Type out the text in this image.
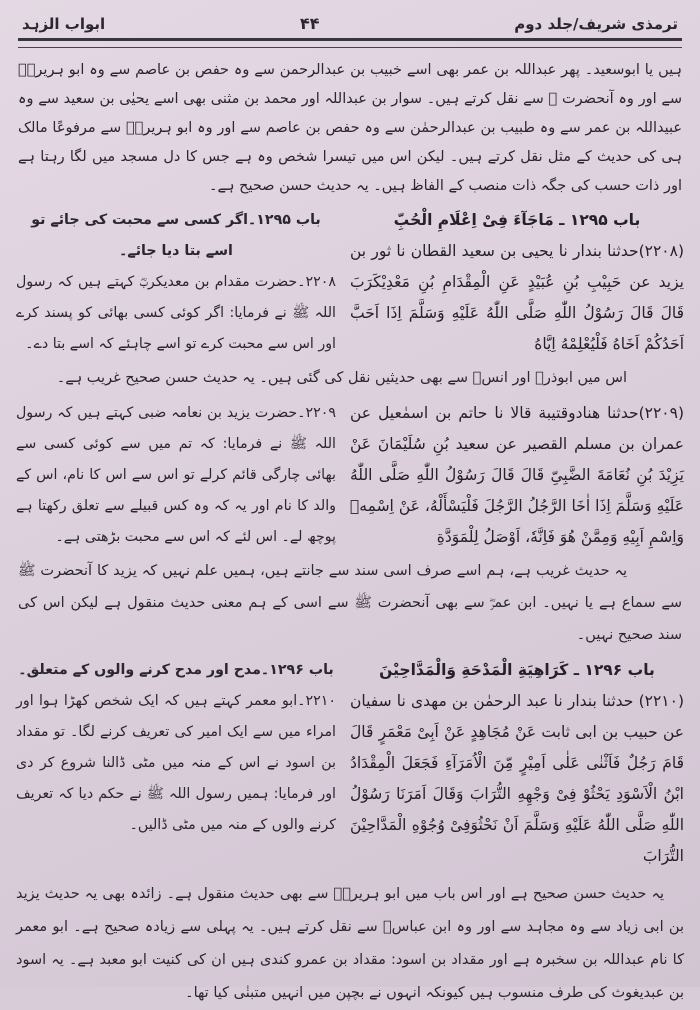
ترمذی شریف/جلد دوم
۴۴
ابواب الزہد

ہیں یا ابوسعید۔ پھر عبداللہ بن عمر بھی اسے خبیب بن عبدالرحمن سے وہ حفص بن عاصم سے وہ ابو ہریرہؓ سے اور وہ آنحضرت ﷺ سے نقل کرتے ہیں۔ سوار بن عبداللہ اور محمد بن مثنی بھی اسے یحیٰی بن سعید سے وہ عبیداللہ بن عمر سے وہ طبیب بن عبدالرحمٰن سے وہ حفص بن عاصم سے اور وہ ابو ہریرہؓ سے مرفوعًا مالک ہی کی حدیث کے مثل نقل کرتے ہیں۔ لیکن اس میں تیسرا شخص وہ ہے جس کا دل مسجد میں لگا رہتا ہے اور ذات حسب کی جگہ ذات منصب کے الفاظ ہیں۔ یہ حدیث حسن صحیح ہے۔

باب ۱۲۹۵ ـ مَاجَآءَ فِیْ اِعْلَامِ الْحُبِّ
(۲۲۰۸)حدثنا بندار نا یحیی بن سعید القطان نا ثور بن یزید عن حَبِیْبِ بُنِ عُبَیْدٍ عَنِ الْمِقْدَامِ بُنِ مَعْدِیْکَرَبَ قَالَ قَالَ رَسُوْلُ اللّٰهِ صَلَّی اللّٰهُ عَلَیْهِ وَسَلَّمَ اِذَا اَحَبَّ اَحَدُکُمْ اَخَاهُ فَلْیُعْلِمْهُ اِیَّاهُ
باب ۱۲۹۵۔اگر کسی سے محبت کی جائے تو اسے بتا دیا جائے۔
۲۲۰۸۔حضرت مقدام بن معدیکربؓ کہتے ہیں کہ رسول اللہ ﷺ نے فرمایا: اگر کوئی کسی بھائی کو پسند کرے اور اس سے محبت کرے تو اسے چاہئے کہ اسے بتا دے۔

اس میں ابوذرؓ اور انسؓ سے بھی حدیثیں نقل کی گئی ہیں۔ یہ حدیث حسن صحیح غریب ہے۔

(۲۲۰۹)حدثنا هنادوقتیبة قالا نا حاتم بن اسمٰعیل عن عمران بن مسلم القصیر عن سعید بُنِ سُلَیْمَانَ عَنْ یَزِیْدَ بُنِ نُعَامَةَ الضَّبِیِّ قَالَ قَالَ رَسُوْلُ اللّٰهِ صَلَّی اللّٰهُ عَلَیْهِ وَسَلَّمَ اِذَا اٰخَا الرَّجُلُ الرَّجُلَ فَلْیَسْأَلْهُ، عَنْ اِسْمِهٖ وَاِسْمِ اَبِیْهِ وَمِمَّنْ هُوَ فَاِنَّهٗ، اَوْصَلُ لِلْمَوَدَّةِ
۲۲۰۹۔حضرت یزید بن نعامہ ضبی کہتے ہیں کہ رسول اللہ ﷺ نے فرمایا: کہ تم میں سے کوئی کسی سے بھائی چارگی قائم کرلے تو اس سے اس کا نام، اس کے والد کا نام اور یہ کہ وہ کس قبیلے سے تعلق رکھتا ہے پوچھ لے۔ اس لئے کہ اس سے محبت بڑھتی ہے۔

یہ حدیث غریب ہے، ہم اسے صرف اسی سند سے جانتے ہیں، ہمیں علم نہیں کہ یزید کا آنحضرت ﷺ سے سماع ہے یا نہیں۔ ابن عمرؓ سے بھی آنحضرت ﷺ سے اسی کے ہم معنی حدیث منقول ہے لیکن اس کی سند صحیح نہیں۔

باب ۱۲۹۶ ـ کَرَاهِیَةِ الْمَدْحَةِ وَالْمَدَّاحِیْنَ
(۲۲۱۰) حدثنا بندار نا عبد الرحمٰن بن مهدی نا سفیان عن حبیب بن ابی ثابت عَنْ مُجَاهِدٍ عَنْ اَبِیْ مَعْمَرٍ قَالَ قَامَ رَجُلٌ فَاَثْنٰی عَلٰی اَمِیْرٍ مِّنَ الْاُمَرَآءِ فَجَعَلَ الْمِقْدَادُ ابْنُ الْاَسْوَدِ یَحْثُوْ فِیْ وَجْهِهِ التُّرَابَ وَقَالَ اَمَرَنَا رَسُوْلُ اللّٰهِ صَلَّی اللّٰهُ عَلَیْهِ وَسَلَّمَ اَنْ نَحْثُوَفِیْ وُجُوْهِ الْمَدَّاحِیْنَ التُّرَابَ
باب ۱۲۹۶۔مدح اور مدح کرنے والوں کے متعلق۔
۲۲۱۰۔ابو معمر کہتے ہیں کہ ایک شخص کھڑا ہوا اور امراء میں سے ایک امیر کی تعریف کرنے لگا۔ تو مقداد بن اسود نے اس کے منہ میں مٹی ڈالنا شروع کر دی اور فرمایا: ہمیں رسول اللہ ﷺ نے حکم دیا کہ تعریف کرنے والوں کے منہ میں مٹی ڈالیں۔

یہ حدیث حسن صحیح ہے اور اس باب میں ابو ہریرہؓ سے بھی حدیث منقول ہے۔ زائدہ بھی یہ حدیث یزید بن ابی زیاد سے وہ مجاہد سے اور وہ ابن عباسؓ سے نقل کرتے ہیں۔ یہ پہلی سے زیادہ صحیح ہے۔ ابو معمر کا نام عبداللہ بن سخبرہ ہے اور مقداد بن اسود: مقداد بن عمرو کندی ہیں ان کی کنیت ابو معبد ہے۔ یہ اسود بن عبدیغوث کی طرف منسوب ہیں کیونکہ انہوں نے بچپن میں انہیں متبنٰی کیا تھا۔
